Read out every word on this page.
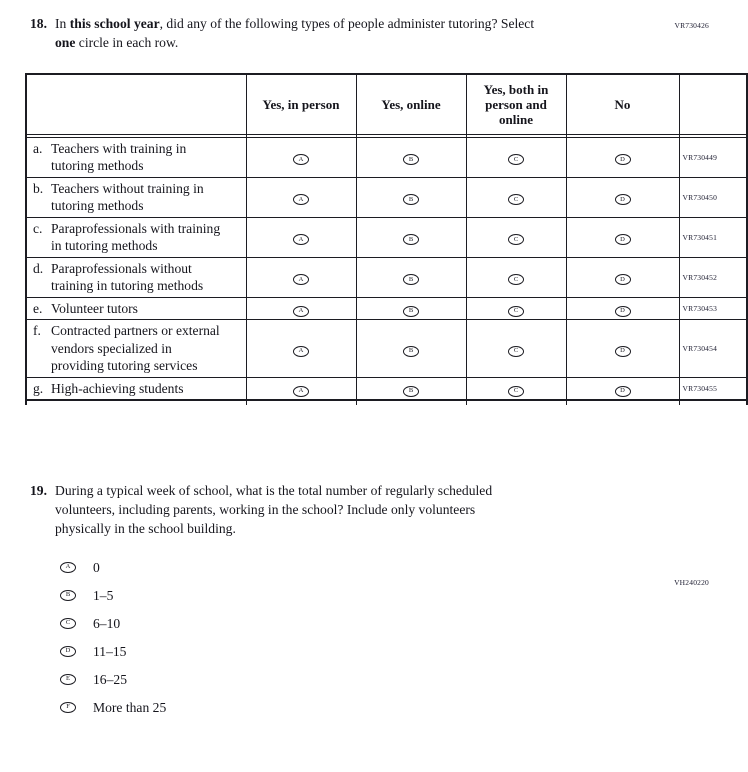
VR730426
18. In this school year, did any of the following types of people administer tutoring? Select
one circle in each row.
	Yes, in person	Yes, online	Yes, both in person and online	No	

a. Teachers with training in tutoring methods	A	B	C	D	VR730449

b. Teachers without training in tutoring methods	A	B	C	D	VR730450

c. Paraprofessionals with training in tutoring methods	A	B	C	D	VR730451

d. Paraprofessionals without training in tutoring methods	A	B	C	D	VR730452

e. Volunteer tutors	A	B	C	D	VR730453

f. Contracted partners or external vendors specialized in providing tutoring services	A	B	C	D	VR730454

g. High-achieving students	A	B	C	D	VR730455

VH240220
19. During a typical week of school, what is the total number of regularly scheduled
volunteers, including parents, working in the school? Include only volunteers
physically in the school building.
A	0
B	1–5
C	6–10
D	11–15
E	16–25
F	More than 25
